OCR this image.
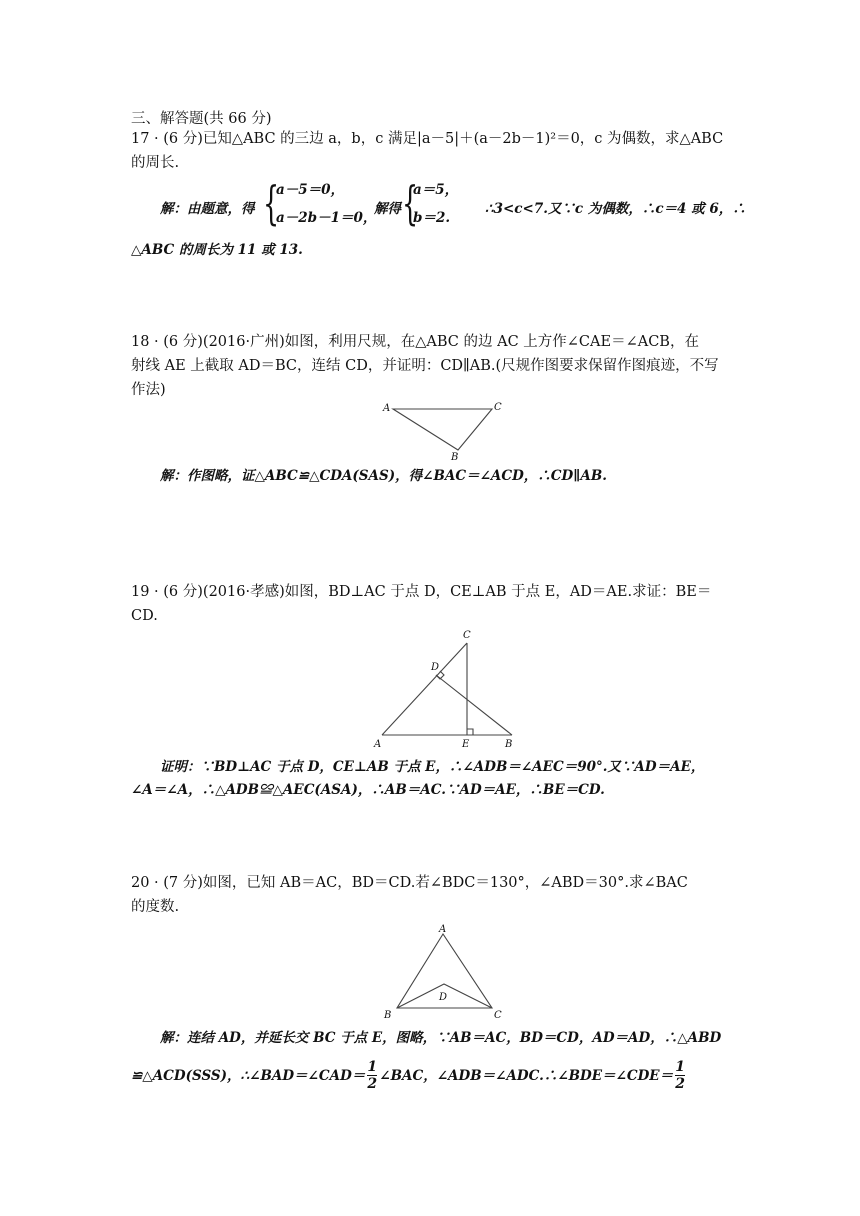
三、解答题(共 66 分)
17 · (6 分)已知△ABC 的三边 a，b，c 满足|a－5|＋(a－2b－1)²＝0，c 为偶数，求△ABC
的周长.
解：由题意，得 {
a－5＝0，
a－2b－1＝0，
解得 {
a＝5，
b＝2.
∴3<c<7.又∵c 为偶数，∴c＝4 或 6，∴
△ABC 的周长为 11 或 13.
18 · (6 分)(2016·广州)如图，利用尺规，在△ABC 的边 AC 上方作∠CAE＝∠ACB，在
射线 AE 上截取 AD＝BC，连结 CD，并证明：CD∥AB.(尺规作图要求保留作图痕迹，不写
作法)
A	C
B
解：作图略，证△ABC≌△CDA(SAS)，得∠BAC＝∠ACD，∴CD∥AB.
19 · (6 分)(2016·孝感)如图，BD⊥AC 于点 D，CE⊥AB 于点 E，AD＝AE.求证：BE＝
CD.
A	B
C
D
E
证明：∵BD⊥AC 于点 D，CE⊥AB 于点 E，∴∠ADB＝∠AEC＝90°.又∵AD＝AE，
∠A＝∠A，∴△ADB≌△AEC(ASA)，∴AB＝AC.∵AD＝AE，∴BE＝CD.
20 · (7 分)如图，已知 AB＝AC，BD＝CD.若∠BDC＝130°，∠ABD＝30°.求∠BAC
的度数.
A
B	C
D
解：连结 AD，并延长交 BC 于点 E，图略，∵AB＝AC，BD＝CD，AD＝AD，∴△ABD
≌△ACD(SSS)，∴∠BAD＝∠CAD＝ $\frac{1}{2}$ ∠BAC，∠ADB＝∠ADC.∴∠BDE＝∠CDE＝ $\frac{1}{2}$
